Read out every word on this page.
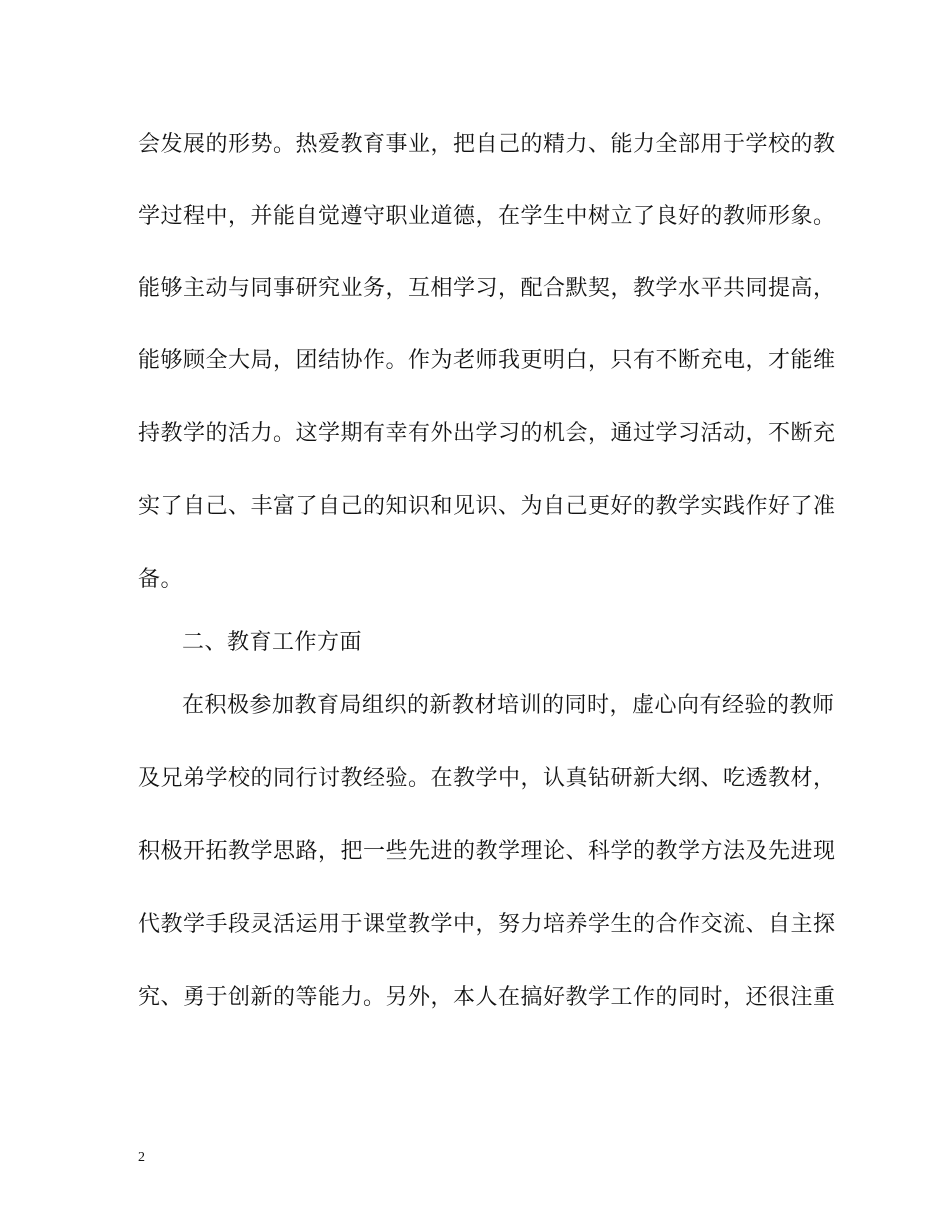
会发展的形势。热爱教育事业，把自己的精力、能力全部用于学校的教
学过程中，并能自觉遵守职业道德，在学生中树立了良好的教师形象。
能够主动与同事研究业务，互相学习，配合默契，教学水平共同提高，
能够顾全大局，团结协作。作为老师我更明白，只有不断充电，才能维
持教学的活力。这学期有幸有外出学习的机会，通过学习活动，不断充
实了自己、丰富了自己的知识和见识、为自己更好的教学实践作好了准
备。
二、教育工作方面
在积极参加教育局组织的新教材培训的同时，虚心向有经验的教师
及兄弟学校的同行讨教经验。在教学中，认真钻研新大纲、吃透教材，
积极开拓教学思路，把一些先进的教学理论、科学的教学方法及先进现
代教学手段灵活运用于课堂教学中，努力培养学生的合作交流、自主探
究、勇于创新的等能力。另外，本人在搞好教学工作的同时，还很注重
2
